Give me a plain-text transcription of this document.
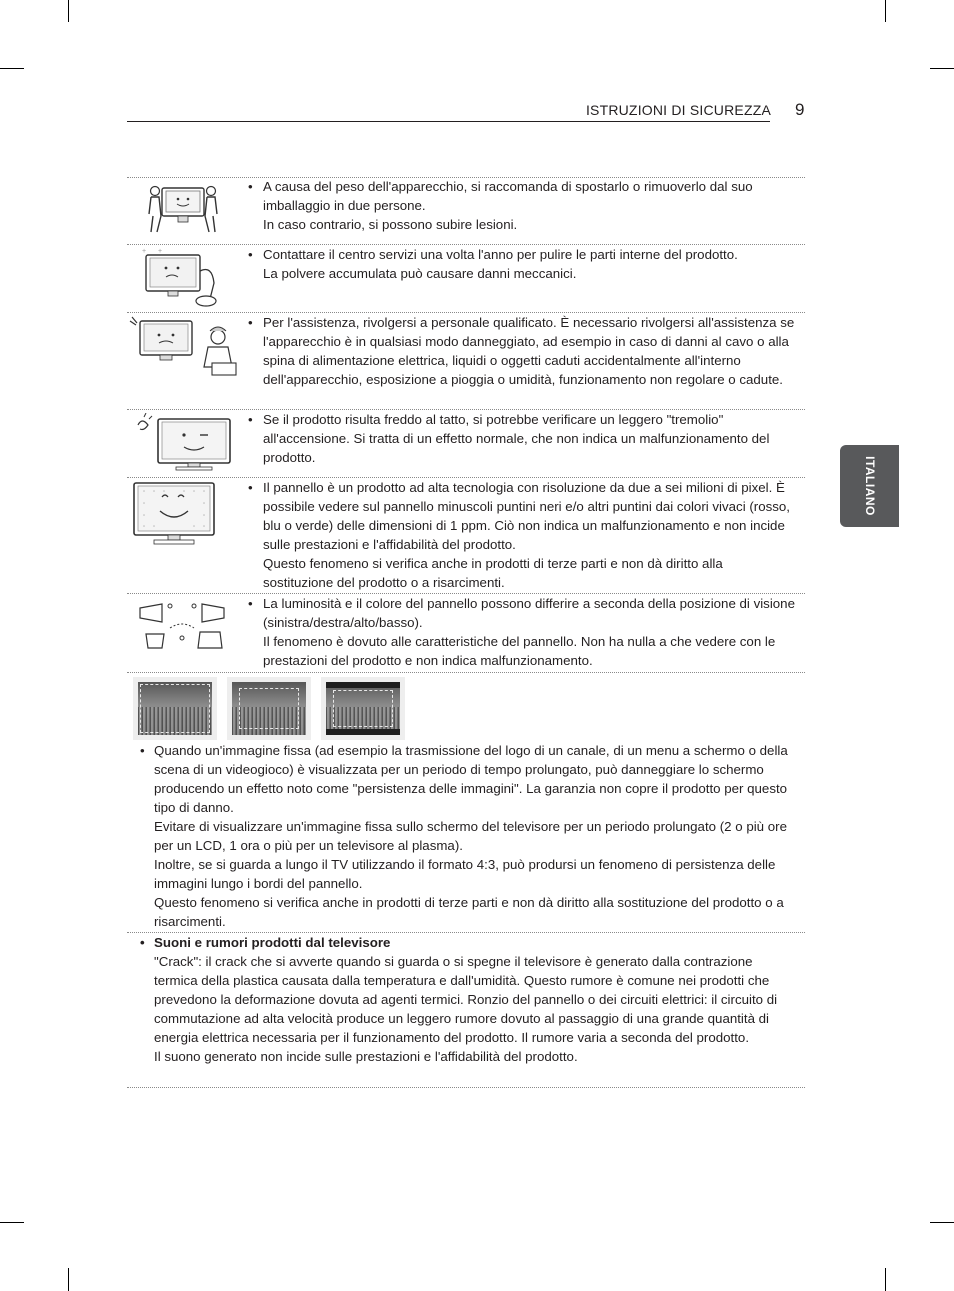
ISTRUZIONI DI SICUREZZA 9
ITALIANO
• A causa del peso dell'apparecchio, si raccomanda di spostarlo o rimuoverlo dal suo imballaggio in due persone.
In caso contrario, si possono subire lesioni.
+ +	• Contattare il centro servizi una volta l'anno per pulire le parti interne del prodotto.
La polvere accumulata può causare danni meccanici.
• Per l'assistenza, rivolgersi a personale qualificato. È necessario rivolgersi all'assistenza se l'apparecchio è in qualsiasi modo danneggiato, ad esempio in caso di danni al cavo o alla spina di alimentazione elettrica, liquidi o oggetti caduti accidentalmente all'interno dell'apparecchio, esposizione a pioggia o umidità, funzionamento non regolare o cadute.
• Se il prodotto risulta freddo al tatto, si potrebbe verificare un leggero "tremolio" all'accensione. Si tratta di un effetto normale, che non indica un malfunzionamento del prodotto.
• Il pannello è un prodotto ad alta tecnologia con risoluzione da due a sei milioni di pixel. È possibile vedere sul pannello minuscoli puntini neri e/o altri puntini dai colori vivaci (rosso, blu o verde) delle dimensioni di 1 ppm. Ciò non indica un malfunzionamento e non incide sulle prestazioni e l'affidabilità del prodotto.
Questo fenomeno si verifica anche in prodotti di terze parti e non dà diritto alla sostituzione del prodotto o a risarcimenti.
• La luminosità e il colore del pannello possono differire a seconda della posizione di visione (sinistra/destra/alto/basso).
Il fenomeno è dovuto alle caratteristiche del pannello. Non ha nulla a che vedere con le prestazioni del prodotto e non indica malfunzionamento.
• Quando un'immagine fissa (ad esempio la trasmissione del logo di un canale, di un menu a schermo o della scena di un videogioco) è visualizzata per un periodo di tempo prolungato, può danneggiare lo schermo producendo un effetto noto come "persistenza delle immagini". La garanzia non copre il prodotto per questo tipo di danno.
Evitare di visualizzare un'immagine fissa sullo schermo del televisore per un periodo prolungato (2 o più ore per un LCD, 1 ora o più per un televisore al plasma).
Inoltre, se si guarda a lungo il TV utilizzando il formato 4:3, può prodursi un fenomeno di persistenza delle immagini lungo i bordi del pannello.
Questo fenomeno si verifica anche in prodotti di terze parti e non dà diritto alla sostituzione del prodotto o a risarcimenti.
• Suoni e rumori prodotti dal televisore
"Crack": il crack che si avverte quando si guarda o si spegne il televisore è generato dalla contrazione termica della plastica causata dalla temperatura e dall'umidità. Questo rumore è comune nei prodotti che prevedono la deformazione dovuta ad agenti termici. Ronzio del pannello o dei circuiti elettrici: il circuito di commutazione ad alta velocità produce un leggero rumore dovuto al passaggio di una grande quantità di energia elettrica necessaria per il funzionamento del prodotto. Il rumore varia a seconda del prodotto.
Il suono generato non incide sulle prestazioni e l'affidabilità del prodotto.
